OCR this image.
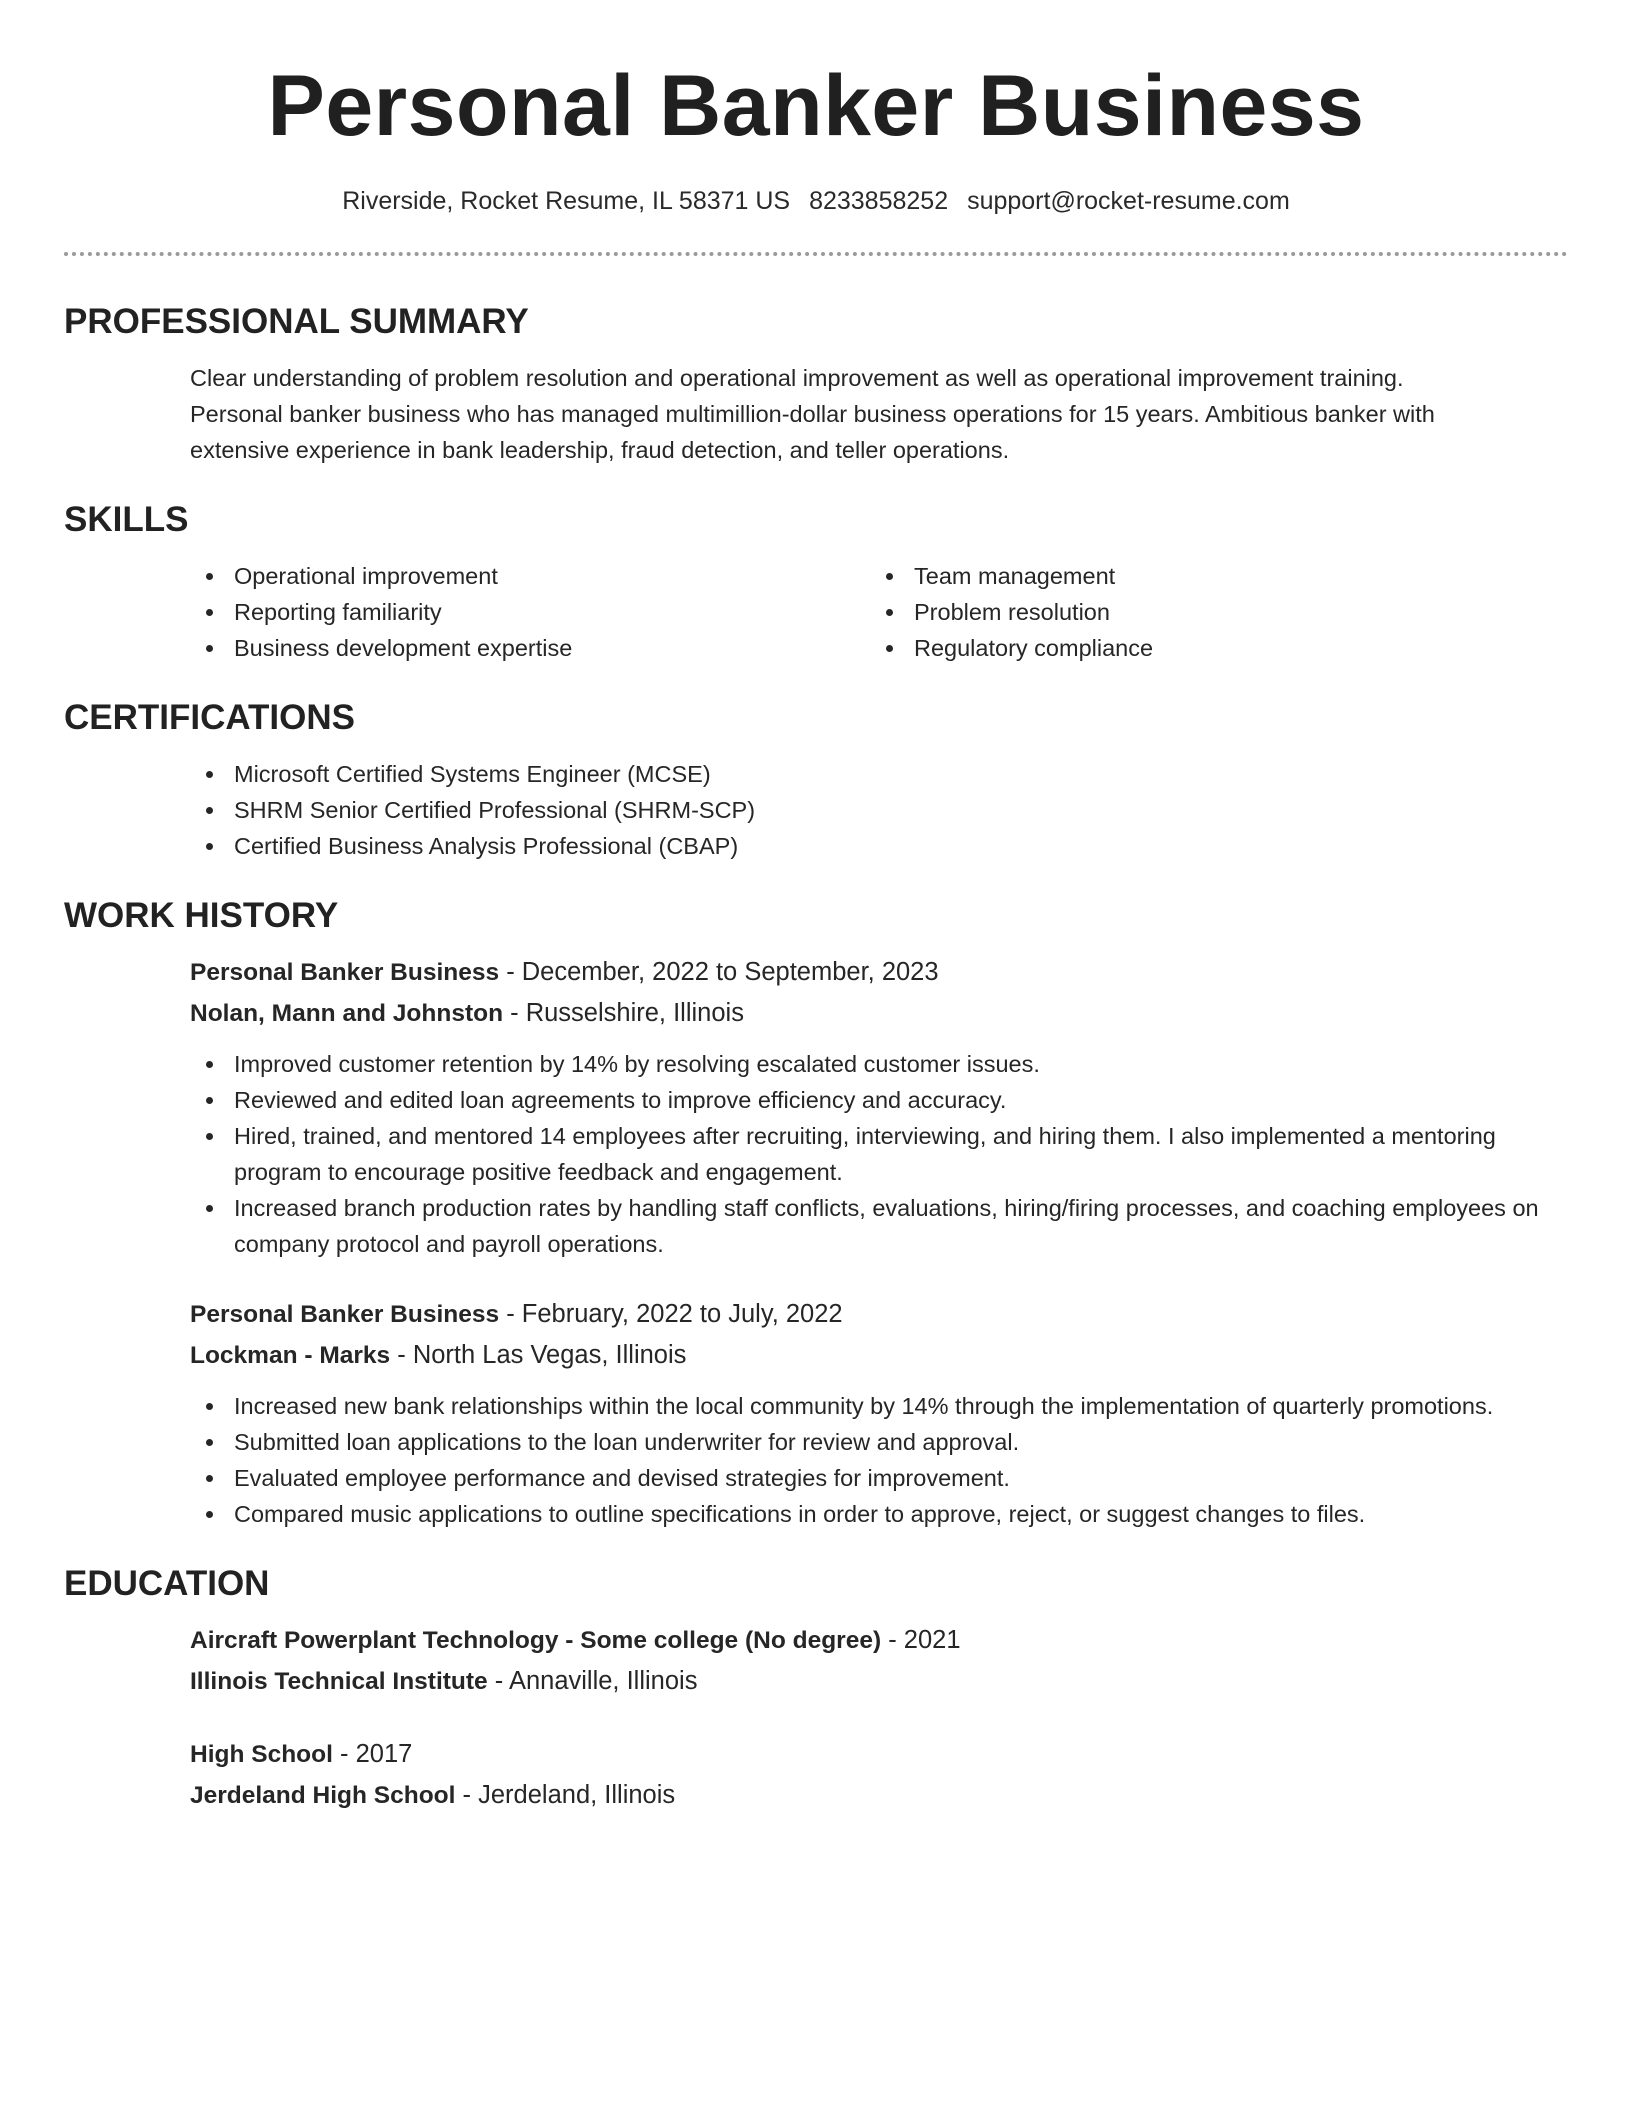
Personal Banker Business
Riverside, Rocket Resume, IL 58371 US 8233858252 support@rocket-resume.com
PROFESSIONAL SUMMARY
Clear understanding of problem resolution and operational improvement as well as operational improvement training.
Personal banker business who has managed multimillion-dollar business operations for 15 years. Ambitious banker with
extensive experience in bank leadership, fraud detection, and teller operations.
SKILLS
Operational improvement
Reporting familiarity
Business development expertise
Team management
Problem resolution
Regulatory compliance
CERTIFICATIONS
Microsoft Certified Systems Engineer (MCSE)
SHRM Senior Certified Professional (SHRM-SCP)
Certified Business Analysis Professional (CBAP)
WORK HISTORY
Personal Banker Business - December, 2022 to September, 2023
Nolan, Mann and Johnston - Russelshire, Illinois
Improved customer retention by 14% by resolving escalated customer issues.
Reviewed and edited loan agreements to improve efficiency and accuracy.
Hired, trained, and mentored 14 employees after recruiting, interviewing, and hiring them. I also implemented a mentoring program to encourage positive feedback and engagement.
Increased branch production rates by handling staff conflicts, evaluations, hiring/firing processes, and coaching employees on company protocol and payroll operations.
Personal Banker Business - February, 2022 to July, 2022
Lockman - Marks - North Las Vegas, Illinois
Increased new bank relationships within the local community by 14% through the implementation of quarterly promotions.
Submitted loan applications to the loan underwriter for review and approval.
Evaluated employee performance and devised strategies for improvement.
Compared music applications to outline specifications in order to approve, reject, or suggest changes to files.
EDUCATION
Aircraft Powerplant Technology - Some college (No degree) - 2021
Illinois Technical Institute - Annaville, Illinois
High School - 2017
Jerdeland High School - Jerdeland, Illinois
